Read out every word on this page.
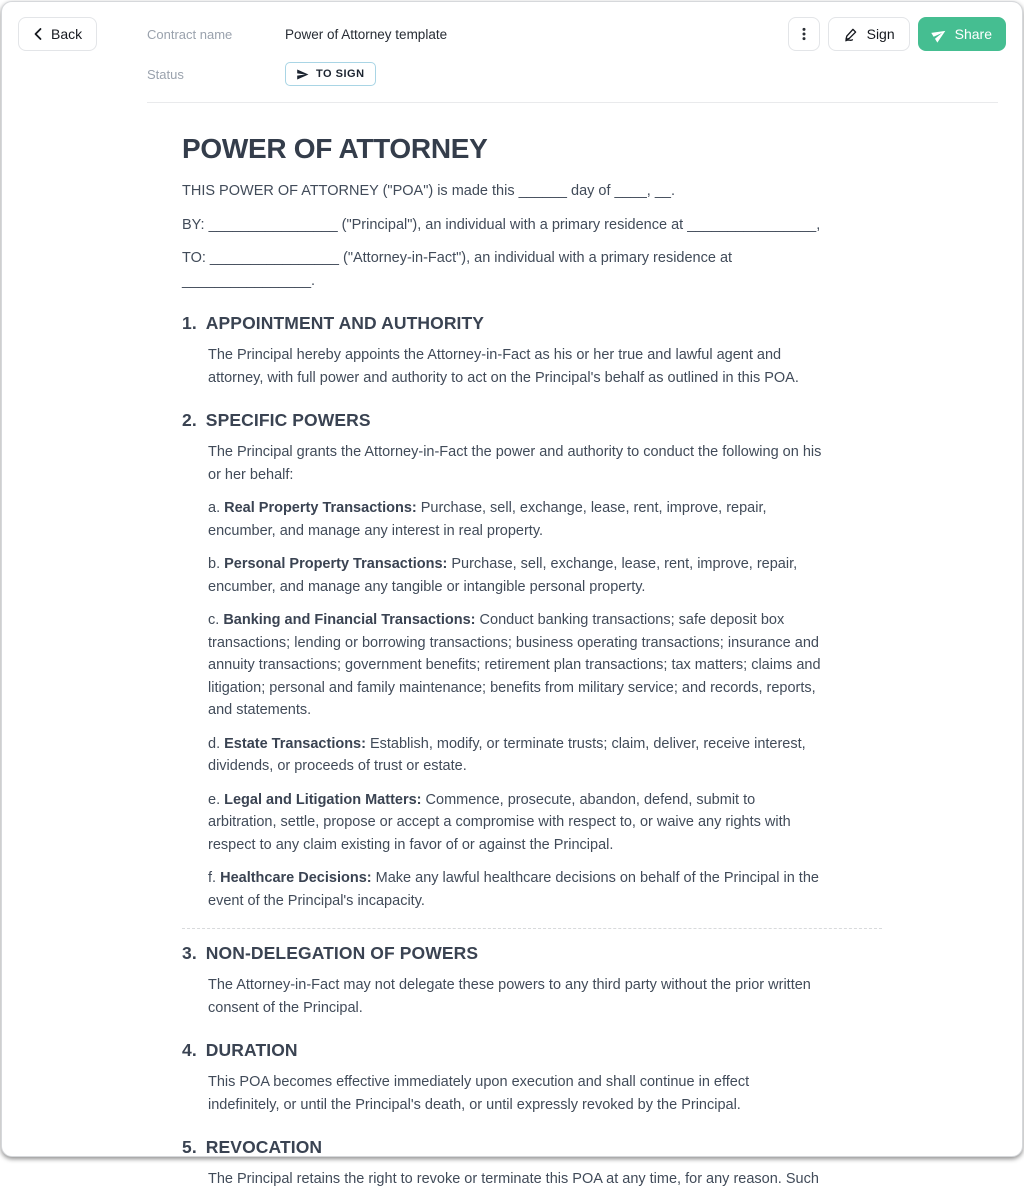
Back	Contract name	Power of Attorney template
Status	TO SIGN
Sign	Share
POWER OF ATTORNEY

THIS POWER OF ATTORNEY ("POA") is made this ______ day of ____, __.

BY: ________________ ("Principal"), an individual with a primary residence at ________________,

TO: ________________ ("Attorney-in-Fact"), an individual with a primary residence at ________________.

1. APPOINTMENT AND AUTHORITY

The Principal hereby appoints the Attorney-in-Fact as his or her true and lawful agent and attorney, with full power and authority to act on the Principal's behalf as outlined in this POA.

2. SPECIFIC POWERS

The Principal grants the Attorney-in-Fact the power and authority to conduct the following on his or her behalf:

a. Real Property Transactions: Purchase, sell, exchange, lease, rent, improve, repair, encumber, and manage any interest in real property.

b. Personal Property Transactions: Purchase, sell, exchange, lease, rent, improve, repair, encumber, and manage any tangible or intangible personal property.

c. Banking and Financial Transactions: Conduct banking transactions; safe deposit box transactions; lending or borrowing transactions; business operating transactions; insurance and annuity transactions; government benefits; retirement plan transactions; tax matters; claims and litigation; personal and family maintenance; benefits from military service; and records, reports, and statements.

d. Estate Transactions: Establish, modify, or terminate trusts; claim, deliver, receive interest, dividends, or proceeds of trust or estate.

e. Legal and Litigation Matters: Commence, prosecute, abandon, defend, submit to arbitration, settle, propose or accept a compromise with respect to, or waive any rights with respect to any claim existing in favor of or against the Principal.

f. Healthcare Decisions: Make any lawful healthcare decisions on behalf of the Principal in the event of the Principal's incapacity.

3. NON-DELEGATION OF POWERS

The Attorney-in-Fact may not delegate these powers to any third party without the prior written consent of the Principal.

4. DURATION

This POA becomes effective immediately upon execution and shall continue in effect indefinitely, or until the Principal's death, or until expressly revoked by the Principal.

5. REVOCATION

The Principal retains the right to revoke or terminate this POA at any time, for any reason. Such
